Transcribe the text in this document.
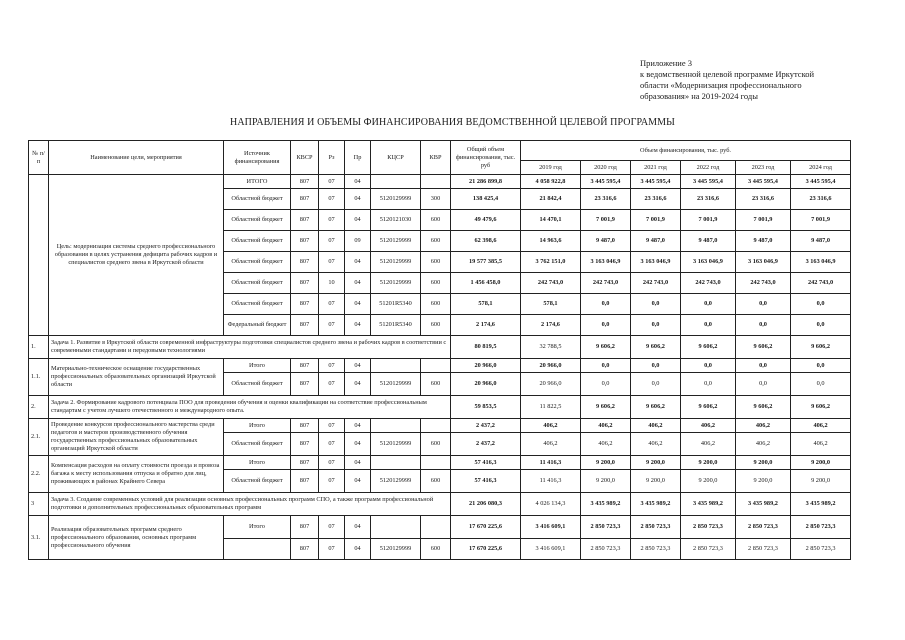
Приложение 3
к ведомственной целевой программе Иркутской
области «Модернизация профессионального
образования» на 2019-2024 годы
НАПРАВЛЕНИЯ И ОБЪЕМЫ ФИНАНСИРОВАНИЯ ВЕДОМСТВЕННОЙ ЦЕЛЕВОЙ ПРОГРАММЫ
№ п/п	Наименование цели, мероприятия	Источник финансирования	КВСР	Рз	Пр	КЦСР	КВР	Общий объем финансирования, тыс. руб	Объем финансирования, тыс. руб.					
									2019 год	2020 год	2021 год	2022 год	2023 год	2024 год
	Цель: модернизация системы среднего профессионального образования в целях устранения дефицита рабочих кадров и специалистов среднего звена в Иркутской области	ИТОГО	807	07	04			21 286 899,8	4 058 922,8	3 445 595,4	3 445 595,4	3 445 595,4	3 445 595,4	3 445 595,4
		Областной бюджет	807	07	04	5120129999	300	138 425,4	21 842,4	23 316,6	23 316,6	23 316,6	23 316,6	23 316,6
		Областной бюджет	807	07	04	5120121030	600	49 479,6	14 470,1	7 001,9	7 001,9	7 001,9	7 001,9	7 001,9
		Областной бюджет	807	07	09	5120129999	600	62 398,6	14 963,6	9 487,0	9 487,0	9 487,0	9 487,0	9 487,0
		Областной бюджет	807	07	04	5120129999	600	19 577 385,5	3 762 151,0	3 163 046,9	3 163 046,9	3 163 046,9	3 163 046,9	3 163 046,9
		Областной бюджет	807	10	04	5120129999	600	1 456 458,0	242 743,0	242 743,0	242 743,0	242 743,0	242 743,0	242 743,0
		Областной бюджет	807	07	04	51201R5340	600	578,1	578,1	0,0	0,0	0,0	0,0	0,0
		Федеральный бюджет	807	07	04	51201R5340	600	2 174,6	2 174,6	0,0	0,0	0,0	0,0	0,0
1.	Задача 1. Развитие в Иркутской области современной инфраструктуры подготовки специалистов среднего звена и рабочих кадров в соответствии с современными стандартами и передовыми технологиями							80 819,5	32 788,5	9 606,2	9 606,2	9 606,2	9 606,2	9 606,2
1.1.	Материально-техническое оснащение государственных профессиональных образовательных организаций Иркутской области	Итого	807	07	04			20 966,0	20 966,0	0,0	0,0	0,0	0,0	0,0
		Областной бюджет	807	07	04	5120129999	600	20 966,0	20 966,0	0,0	0,0	0,0	0,0	0,0
2.	Задача 2. Формирование кадрового потенциала ПОО для проведения обучения и оценки квалификации на соответствие профессиональным стандартам с учетом лучшего отечественного и международного опыта.							59 853,5	11 822,5	9 606,2	9 606,2	9 606,2	9 606,2	9 606,2
2.1.	Проведение конкурсов профессионального мастерства среди педагогов и мастеров производственного обучения государственных профессиональных образовательных организаций Иркутской области	Итого	807	07	04			2 437,2	406,2	406,2	406,2	406,2	406,2	406,2
		Областной бюджет	807	07	04	5120129999	600	2 437,2	406,2	406,2	406,2	406,2	406,2	406,2
2.2.	Компенсация расходов на оплату стоимости проезда и провоза багажа к месту использования отпуска и обратно для лиц, проживающих в районах Крайнего Севера	Итого	807	07	04			57 416,3	11 416,3	9 200,0	9 200,0	9 200,0	9 200,0	9 200,0
		Областной бюджет	807	07	04	5120129999	600	57 416,3	11 416,3	9 200,0	9 200,0	9 200,0	9 200,0	9 200,0
3	Задача 3. Создание современных условий для реализации основных профессиональных программ СПО, а также программ профессиональной подготовки и дополнительных профессиональных образовательных программ							21 206 080,3	4 026 134,3	3 435 989,2	3 435 989,2	3 435 989,2	3 435 989,2	3 435 989,2
3.1.	Реализация образовательных программ среднего профессионального образования, основных программ профессионального обучения	Итого	807	07	04			17 670 225,6	3 416 609,1	2 850 723,3	2 850 723,3	2 850 723,3	2 850 723,3	2 850 723,3
			807	07	04	5120129999	600	17 670 225,6	3 416 609,1	2 850 723,3	2 850 723,3	2 850 723,3	2 850 723,3	2 850 723,3
